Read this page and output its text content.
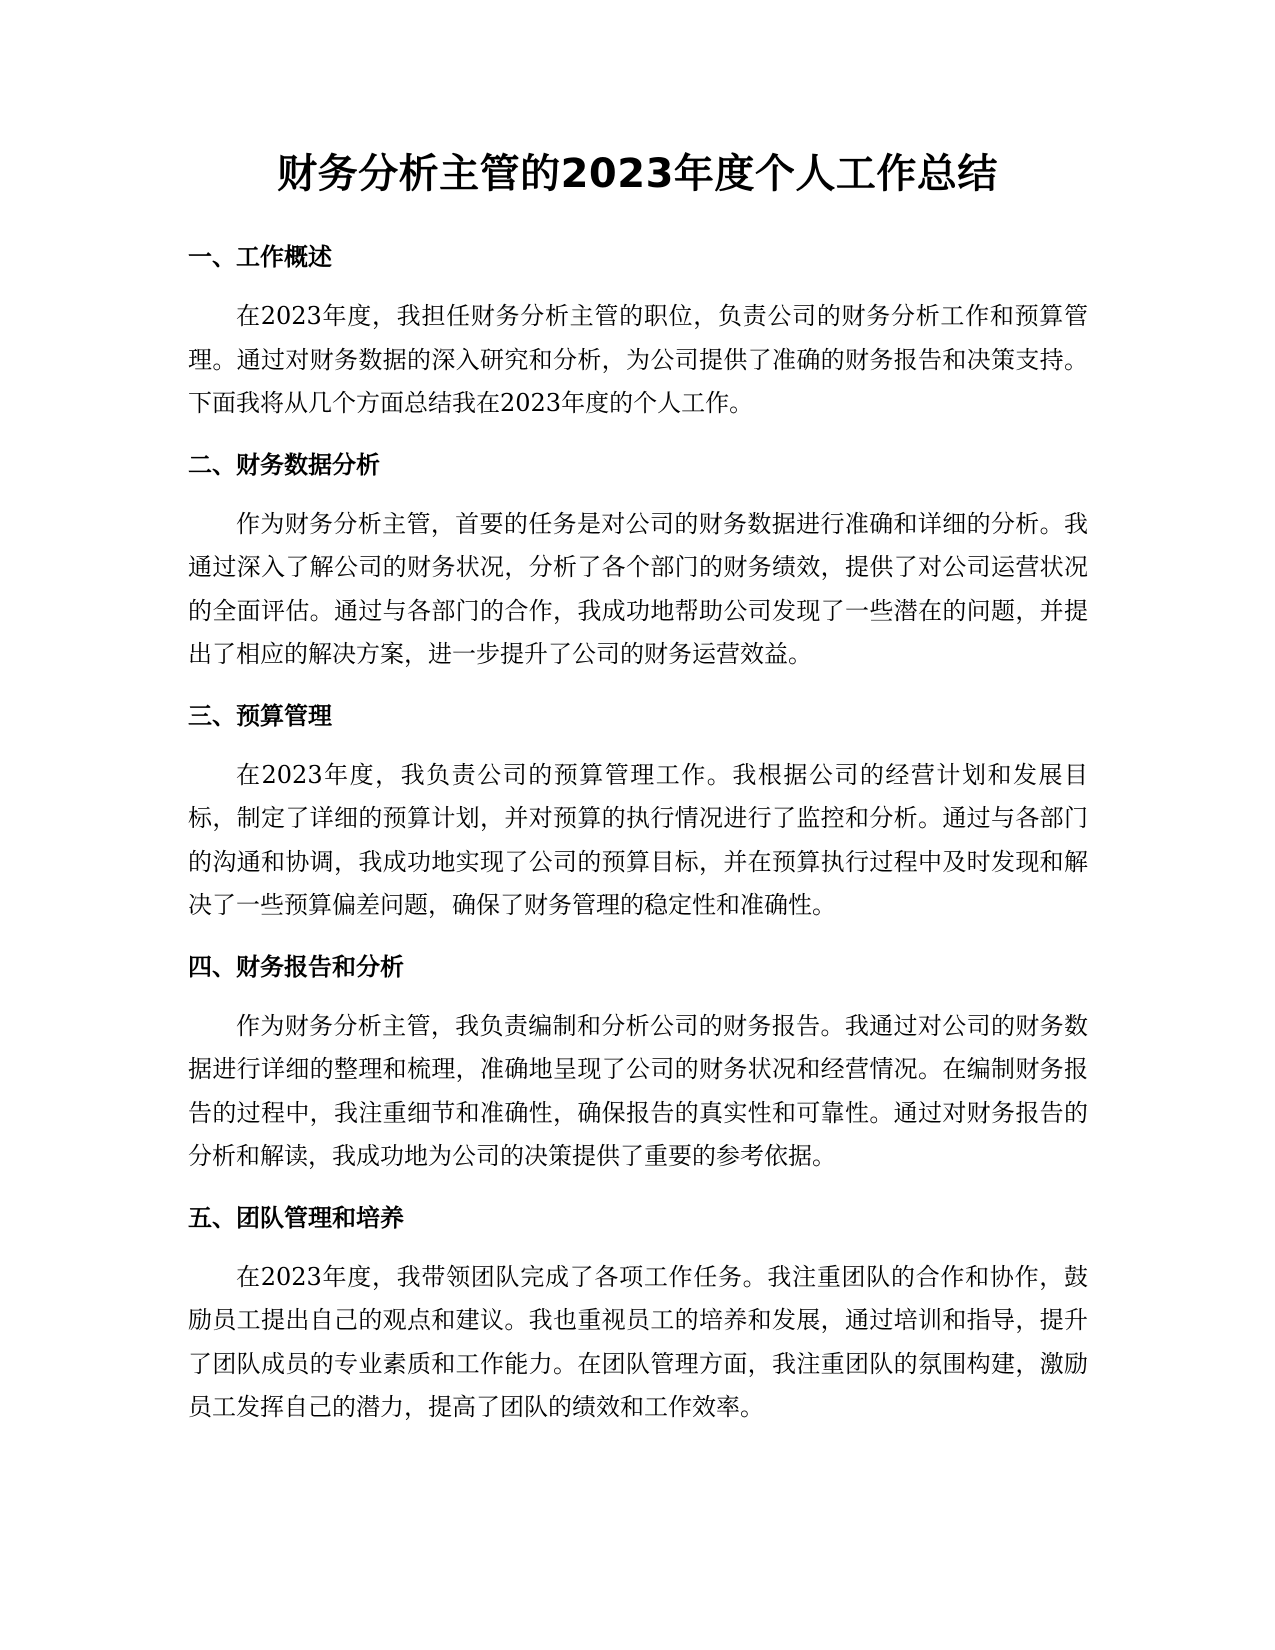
财务分析主管的2023年度个人工作总结
一、工作概述

在2023年度，我担任财务分析主管的职位，负责公司的财务分析工作和预算管理。通过对财务数据的深入研究和分析，为公司提供了准确的财务报告和决策支持。下面我将从几个方面总结我在2023年度的个人工作。

二、财务数据分析

作为财务分析主管，首要的任务是对公司的财务数据进行准确和详细的分析。我通过深入了解公司的财务状况，分析了各个部门的财务绩效，提供了对公司运营状况的全面评估。通过与各部门的合作，我成功地帮助公司发现了一些潜在的问题，并提出了相应的解决方案，进一步提升了公司的财务运营效益。

三、预算管理

在2023年度，我负责公司的预算管理工作。我根据公司的经营计划和发展目标，制定了详细的预算计划，并对预算的执行情况进行了监控和分析。通过与各部门的沟通和协调，我成功地实现了公司的预算目标，并在预算执行过程中及时发现和解决了一些预算偏差问题，确保了财务管理的稳定性和准确性。

四、财务报告和分析

作为财务分析主管，我负责编制和分析公司的财务报告。我通过对公司的财务数据进行详细的整理和梳理，准确地呈现了公司的财务状况和经营情况。在编制财务报告的过程中，我注重细节和准确性，确保报告的真实性和可靠性。通过对财务报告的分析和解读，我成功地为公司的决策提供了重要的参考依据。

五、团队管理和培养

在2023年度，我带领团队完成了各项工作任务。我注重团队的合作和协作，鼓励员工提出自己的观点和建议。我也重视员工的培养和发展，通过培训和指导，提升了团队成员的专业素质和工作能力。在团队管理方面，我注重团队的氛围构建，激励员工发挥自己的潜力，提高了团队的绩效和工作效率。
